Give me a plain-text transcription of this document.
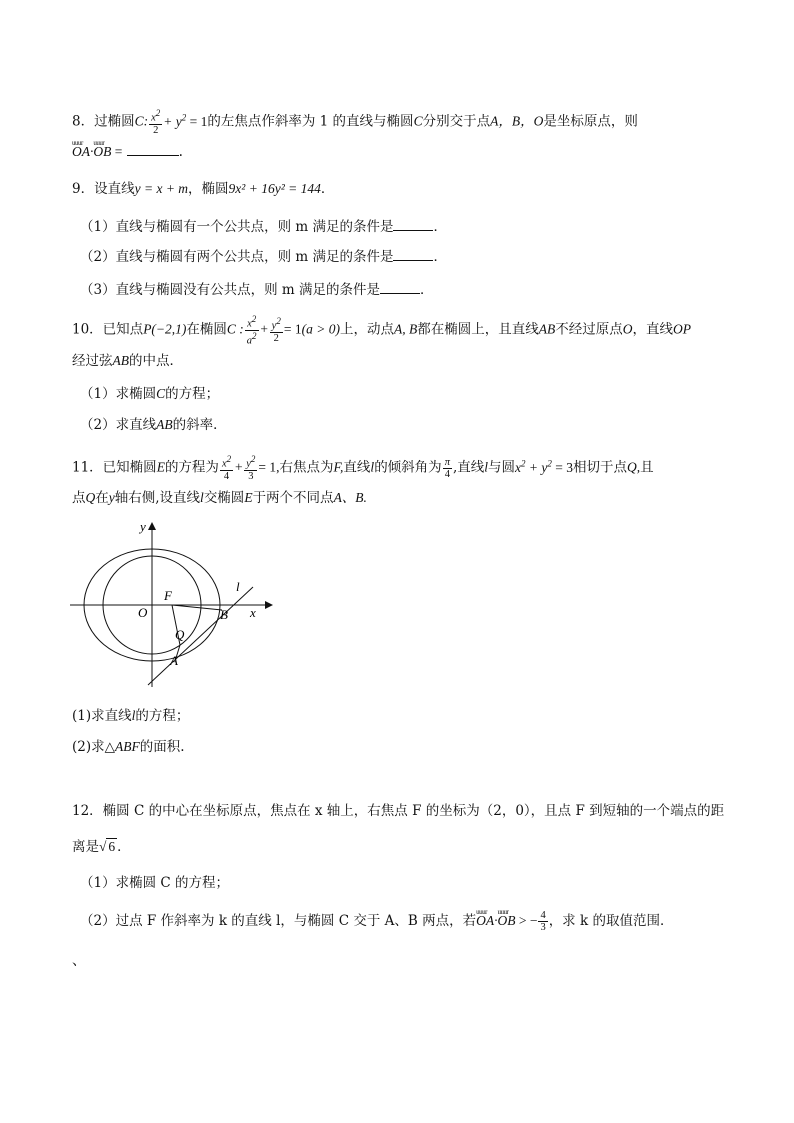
8．过椭圆C: $\frac{x^2}{2} + y^2 = 1$的左焦点作斜率为 1 的直线与椭圆C分别交于点A，B，O是坐标原点，则
uuur OA·uuur OB =	.
9．设直线y = x + m，椭圆9x² + 16y² = 144．
（1）直线与椭圆有一个公共点，则 m 满足的条件是	．
（2）直线与椭圆有两个公共点，则 m 满足的条件是	．
（3）直线与椭圆没有公共点，则 m 满足的条件是	．
10．已知点P(−2,1)在椭圆C : $\frac{x^2}{a^2} + \frac{y^2}{2} = 1(a > 0)$上，动点A, B都在椭圆上，且直线AB不经过原点O，直线OP
经过弦AB的中点．
（1）求椭圆C的方程；
（2）求直线AB的斜率．
11．已知椭圆E的方程为 $\frac{x^2}{4} + \frac{y^2}{3} = 1$,右焦点为F,直线l的倾斜角为 $\frac{\pi}{4}$ ,直线l与圆$x^2 + y^2 = 3$相切于点Q,且
点Q在y轴右侧,设直线l交椭圆E于两个不同点A、B.
y
x
O
F
B
Q
A
l
(1)求直线l的方程；
(2)求△ABF的面积.
12．椭圆 C 的中心在坐标原点，焦点在 x 轴上，右焦点 F 的坐标为（2，0），且点 F 到短轴的一个端点的距
离是√ 6 ．
（1）求椭圆 C 的方程；
（2）过点 F 作斜率为 k 的直线 l，与椭圆 C 交于 A、B 两点，若uuur OA·uuur OB > − $\frac{4}{3}$ ，求 k 的取值范围．
、
